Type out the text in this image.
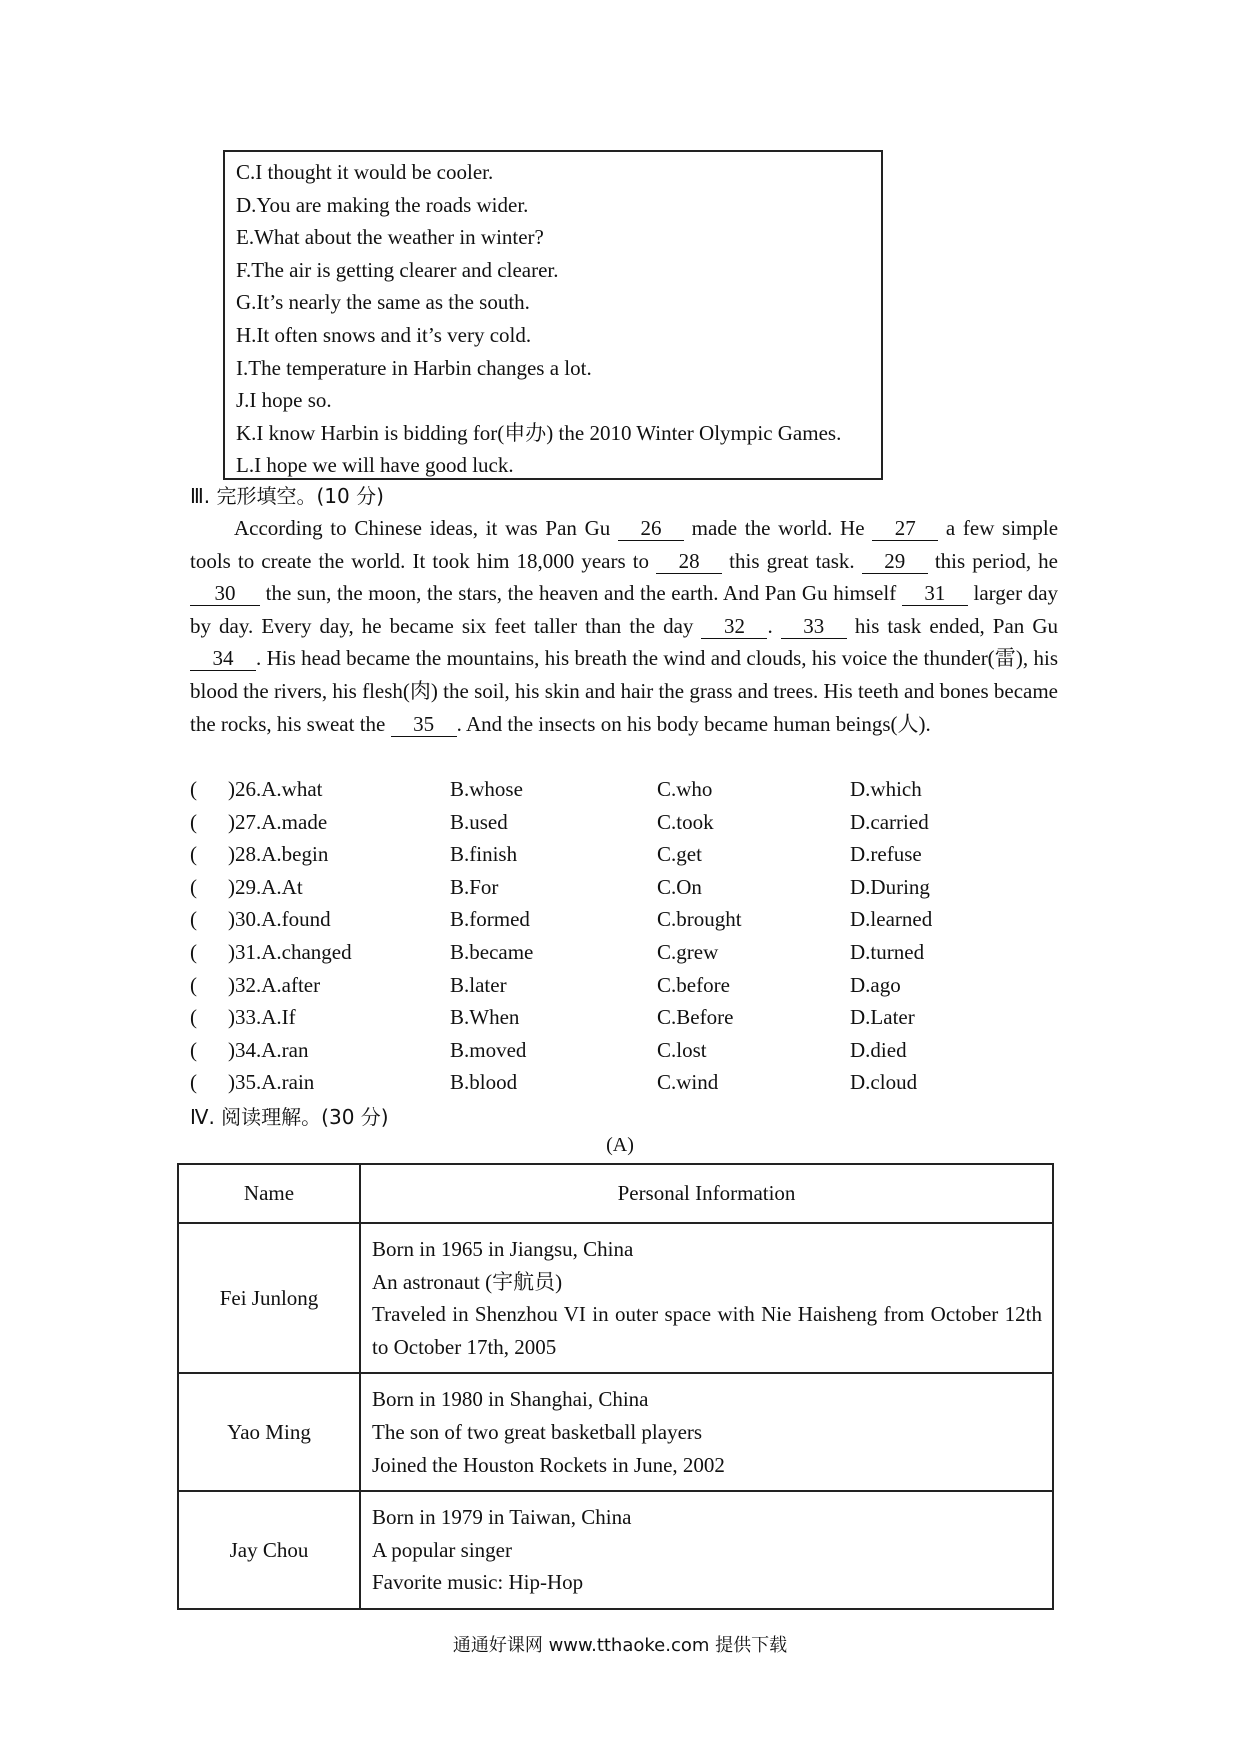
C.I thought it would be cooler.
D.You are making the roads wider.
E.What about the weather in winter?
F.The air is getting clearer and clearer.
G.It’s nearly the same as the south.
H.It often snows and it’s very cold.
I.The temperature in Harbin changes a lot.
J.I hope so.
K.I know Harbin is bidding for(申办) the 2010 Winter Olympic Games.
L.I hope we will have good luck.
Ⅲ. 完形填空。(10 分)

According to Chinese ideas, it was Pan Gu 26 made the world. He 27 a few simple tools to create the world. It took him 18,000 years to 28 this great task. 29 this period, he 30 the sun, the moon, the stars, the heaven and the earth. And Pan Gu himself 31 larger day by day. Every day, he became six feet taller than the day 32 . 33 his task ended, Pan Gu 34 . His head became the mountains, his breath the wind and clouds, his voice the thunder(雷), his blood the rivers, his flesh(肉) the soil, his skin and hair the grass and trees. His teeth and bones became the rocks, his sweat the 35 . And the insects on his body became human beings(人).

(	)26.A.what	B.whose	C.who	D.which
(	)27.A.made	B.used	C.took	D.carried
(	)28.A.begin	B.finish	C.get	D.refuse
(	)29.A.At	B.For	C.On	D.During
(	)30.A.found	B.formed	C.brought	D.learned
(	)31.A.changed	B.became	C.grew	D.turned
(	)32.A.after	B.later	C.before	D.ago
(	)33.A.If	B.When	C.Before	D.Later
(	)34.A.ran	B.moved	C.lost	D.died
(	)35.A.rain	B.blood	C.wind	D.cloud
Ⅳ. 阅读理解。(30 分)
(A)
Name	Personal Information
Fei Junlong	Born in 1965 in Jiangsu, China
An astronaut (宇航员)
Traveled in Shenzhou VI in outer space with Nie Haisheng from October 12th to October 17th, 2005

Yao Ming	Born in 1980 in Shanghai, China
The son of two great basketball players
Joined the Houston Rockets in June, 2002

Jay Chou	Born in 1979 in Taiwan, China
A popular singer
Favorite music: Hip-Hop
通通好课网 www.tthaoke.com 提供下载
